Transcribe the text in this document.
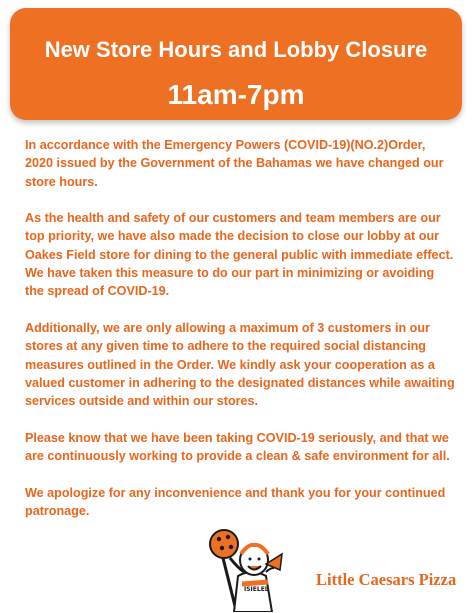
New Store Hours and Lobby Closure
11am-7pm

In accordance with the Emergency Powers (COVID-19)(NO.2)Order, 2020 issued by the Government of the Bahamas we have changed our store hours.

As the health and safety of our customers and team members are our top priority, we have also made the decision to close our lobby at our Oakes Field store for dining to the general public with immediate effect. We have taken this measure to do our part in minimizing or avoiding the spread of COVID-19.

Additionally, we are only allowing a maximum of 3 customers in our stores at any given time to adhere to the required social distancing measures outlined in the Order. We kindly ask your cooperation as a valued customer in adhering to the designated distances while awaiting services outside and within our stores.

Please know that we have been taking COVID-19 seriously, and that we are continuously working to provide a clean & safe environment for all.

We apologize for any inconvenience and thank you for your continued patronage.

ISIELEL
Little Caesars Pizza
